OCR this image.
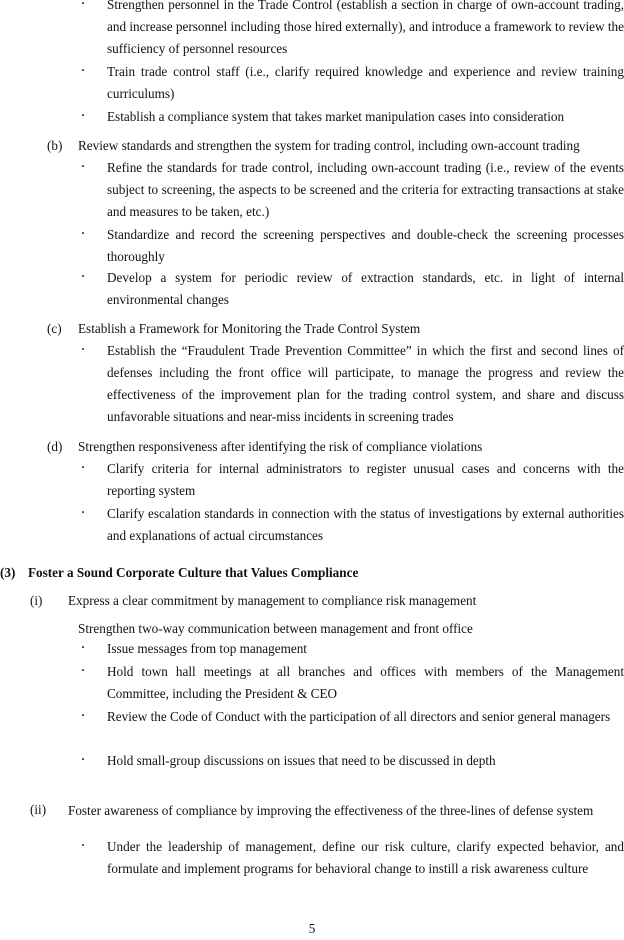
・	Strengthen personnel in the Trade Control (establish a section in charge of own-account trading, and increase personnel including those hired externally), and introduce a framework to review the sufficiency of personnel resources
・	Train trade control staff (i.e., clarify required knowledge and experience and review training curriculums)
・	Establish a compliance system that takes market manipulation cases into consideration
(b) Review standards and strengthen the system for trading control, including own-account trading
・	Refine the standards for trade control, including own-account trading (i.e., review of the events subject to screening, the aspects to be screened and the criteria for extracting transactions at stake and measures to be taken, etc.)
・	Standardize and record the screening perspectives and double-check the screening processes thoroughly
・	Develop a system for periodic review of extraction standards, etc. in light of internal environmental changes
(c) Establish a Framework for Monitoring the Trade Control System
・	Establish the “Fraudulent Trade Prevention Committee” in which the first and second lines of defenses including the front office will participate, to manage the progress and review the effectiveness of the improvement plan for the trading control system, and share and discuss unfavorable situations and near-miss incidents in screening trades
(d) Strengthen responsiveness after identifying the risk of compliance violations
・	Clarify criteria for internal administrators to register unusual cases and concerns with the reporting system
・	Clarify escalation standards in connection with the status of investigations by external authorities and explanations of actual circumstances
(3) Foster a Sound Corporate Culture that Values Compliance
(i) Express a clear commitment by management to compliance risk management
Strengthen two-way communication between management and front office
・	Issue messages from top management
・	Hold town hall meetings at all branches and offices with members of the Management Committee, including the President & CEO
・	Review the Code of Conduct with the participation of all directors and senior general managers
・	Hold small-group discussions on issues that need to be discussed in depth
(ii) Foster awareness of compliance by improving the effectiveness of the three-lines of defense system
・	Under the leadership of management, define our risk culture, clarify expected behavior, and formulate and implement programs for behavioral change to instill a risk awareness culture
5
